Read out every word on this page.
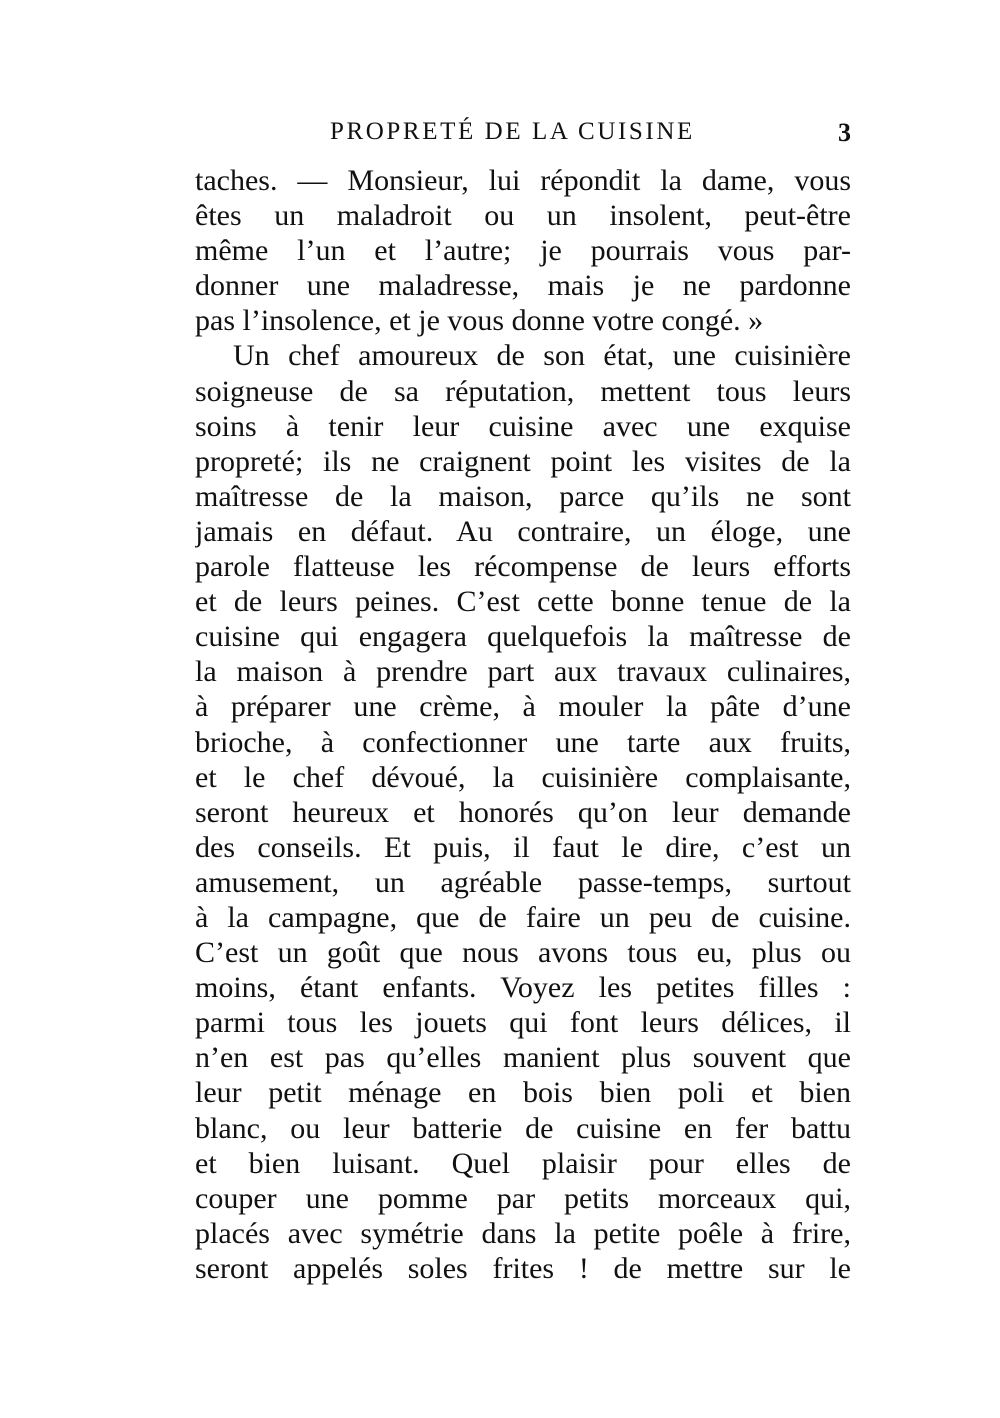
PROPRETÉ DE LA CUISINE	3
taches. — Monsieur, lui répondit la dame, vous
êtes un maladroit ou un insolent, peut-être
même l’un et l’autre; je pourrais vous par-
donner une maladresse, mais je ne pardonne
pas l’insolence, et je vous donne votre congé. »
Un chef amoureux de son état, une cuisinière
soigneuse de sa réputation, mettent tous leurs
soins à tenir leur cuisine avec une exquise
propreté; ils ne craignent point les visites de la
maîtresse de la maison, parce qu’ils ne sont
jamais en défaut. Au contraire, un éloge, une
parole flatteuse les récompense de leurs efforts
et de leurs peines. C’est cette bonne tenue de la
cuisine qui engagera quelquefois la maîtresse de
la maison à prendre part aux travaux culinaires,
à préparer une crème, à mouler la pâte d’une
brioche, à confectionner une tarte aux fruits,
et le chef dévoué, la cuisinière complaisante,
seront heureux et honorés qu’on leur demande
des conseils. Et puis, il faut le dire, c’est un
amusement, un agréable passe-temps, surtout
à la campagne, que de faire un peu de cuisine.
C’est un goût que nous avons tous eu, plus ou
moins, étant enfants. Voyez les petites filles :
parmi tous les jouets qui font leurs délices, il
n’en est pas qu’elles manient plus souvent que
leur petit ménage en bois bien poli et bien
blanc, ou leur batterie de cuisine en fer battu
et bien luisant. Quel plaisir pour elles de
couper une pomme par petits morceaux qui,
placés avec symétrie dans la petite poêle à frire,
seront appelés soles frites ! de mettre sur le
